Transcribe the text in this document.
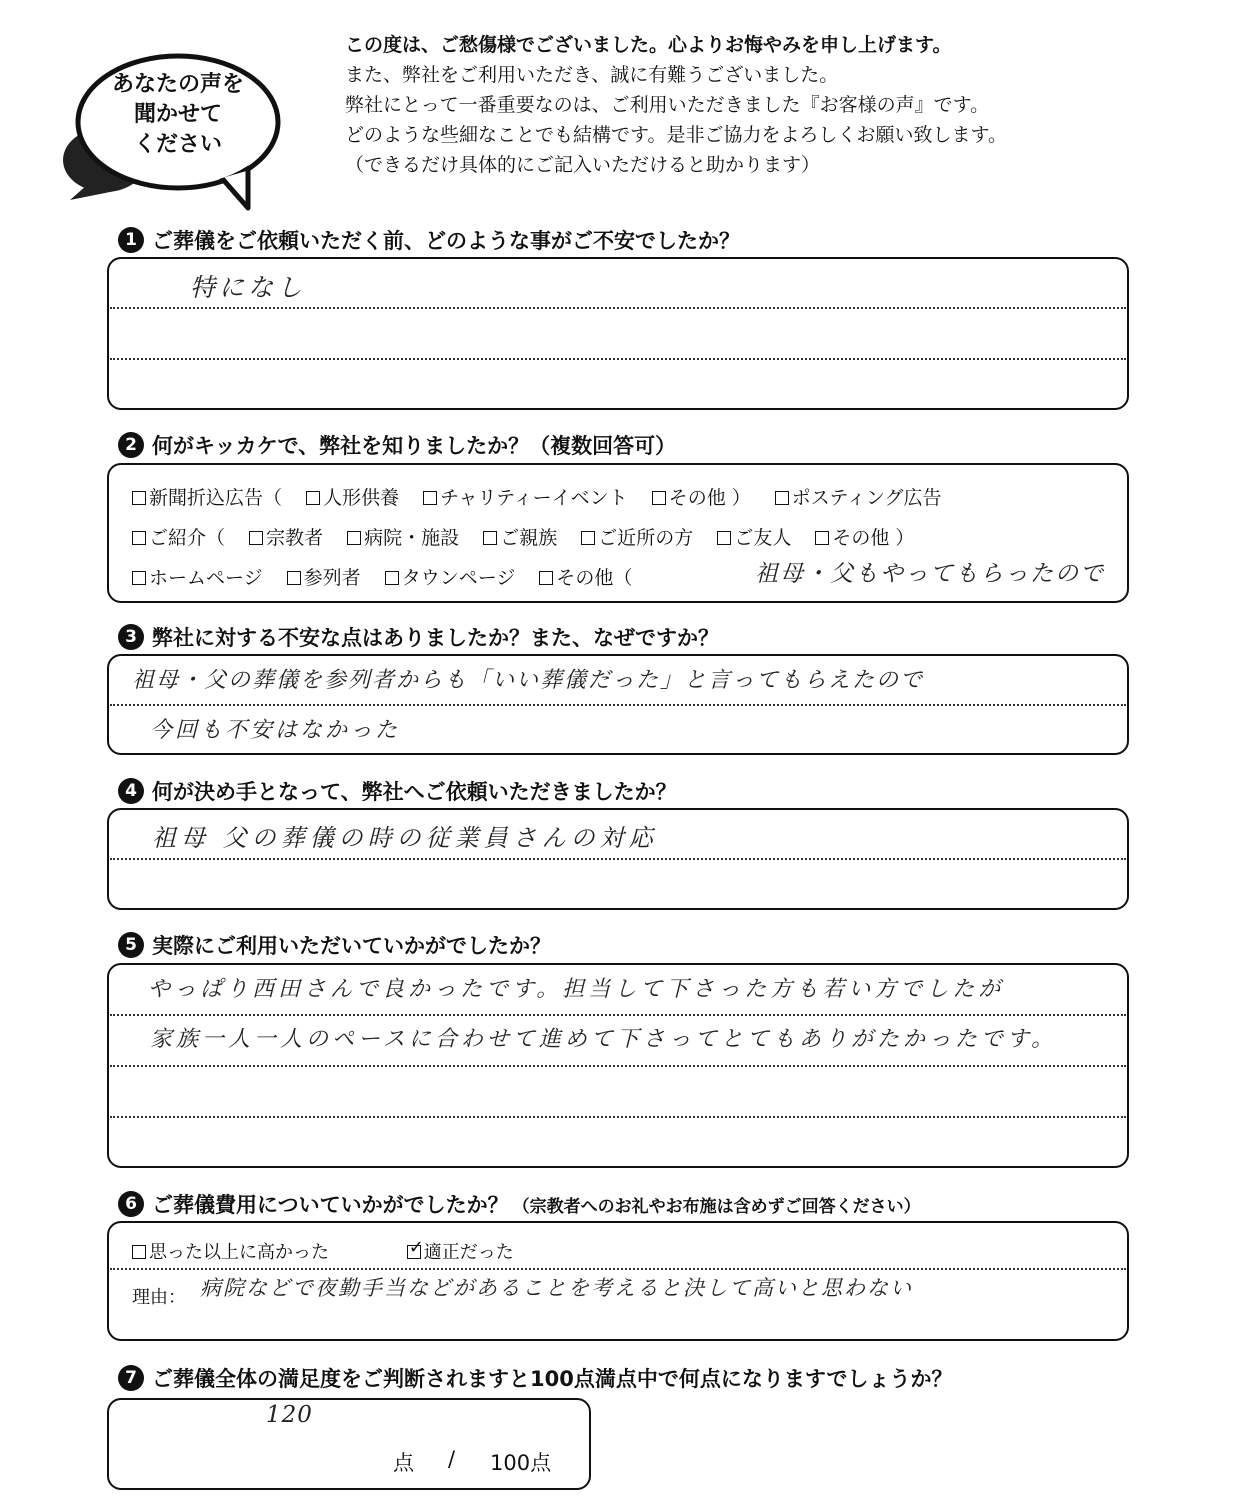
あなたの声を
聞かせて
ください
この度は、ご愁傷様でございました。心よりお悔やみを申し上げます。
また、弊社をご利用いただき、誠に有難うございました。
弊社にとって一番重要なのは、ご利用いただきました『お客様の声』です。
どのような些細なことでも結構です。是非ご協力をよろしくお願い致します。
（できるだけ具体的にご記入いただけると助かります）
1 ご葬儀をご依頼いただく前、どのような事がご不安でしたか？
特になし
2 何がキッカケで、弊社を知りましたか？（複数回答可）
新聞折込広告（ 人形供養 チャリティーイベント その他 ） ポスティング広告
ご紹介（ 宗教者 病院・施設 ご親族 ご近所の方 ご友人 その他 ）
ホームページ 参列者 タウンページ その他（	祖母・父もやってもらったので
3 弊社に対する不安な点はありましたか？また、なぜですか？
祖母・父の葬儀を参列者からも「いい葬儀だった」と言ってもらえたので
今回も不安はなかった
4 何が決め手となって、弊社へご依頼いただきましたか？
祖母 父の葬儀の時の従業員さんの対応
5 実際にご利用いただいていかがでしたか？
やっぱり西田さんで良かったです。担当して下さった方も若い方でしたが
家族一人一人のペースに合わせて進めて下さってとてもありがたかったです。
6 ご葬儀費用についていかがでしたか？ （宗教者へのお礼やお布施は含めずご回答ください）
思った以上に高かった ✓	適正だった
理由： 病院などで夜勤手当などがあることを考えると決して高いと思わない
7 ご葬儀全体の満足度をご判断されますと100点満点中で何点になりますでしょうか？
120
点 / 100点
